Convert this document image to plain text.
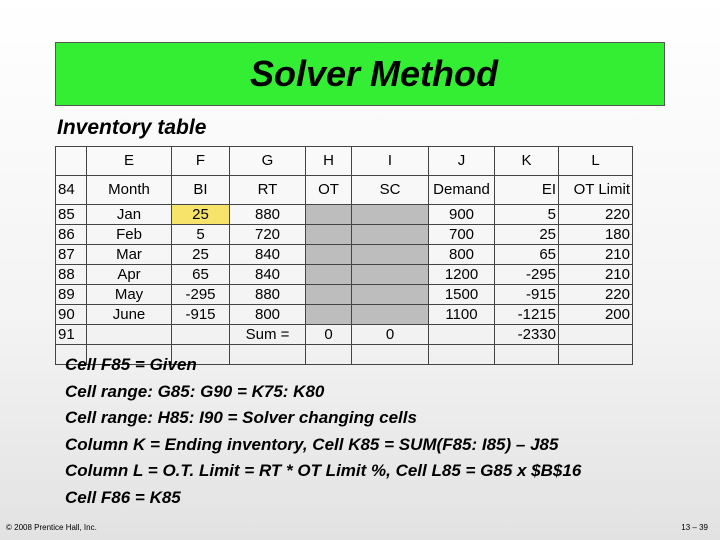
Solver Method
Inventory table
	E	F	G	H	I	J	K	L
84	Month	BI	RT	OT	SC	Demand	EI	OT Limit
85	Jan	25	880			900	5	220
86	Feb	5	720			700	25	180
87	Mar	25	840			800	65	210
88	Apr	65	840			1200	-295	210
89	May	-295	880			1500	-915	220
90	June	-915	800			1100	-1215	200
91			Sum =	0	0		-2330	

Cell F85 = Given
Cell range: G85: G90 = K75: K80
Cell range: H85: I90 = Solver changing cells
Column K = Ending inventory, Cell K85 = SUM(F85: I85) – J85
Column L = O.T. Limit = RT * OT Limit %, Cell L85 = G85 x $B$16
Cell F86 = K85
© 2008 Prentice Hall, Inc.	13 – 39
